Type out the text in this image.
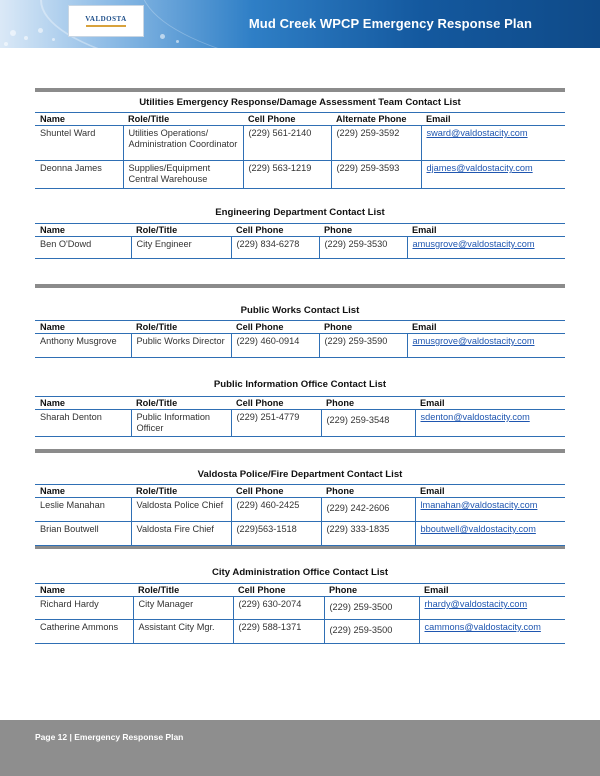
VALDOSTA	Mud Creek WPCP Emergency Response Plan
Utilities Emergency Response/Damage Assessment Team Contact List
Name	Role/Title	Cell Phone	Alternate Phone	Email
Shuntel Ward	Utilities Operations/ Administration Coordinator	(229) 561-2140	(229) 259-3592	sward@valdostacity.com
Deonna James	Supplies/Equipment Central Warehouse	(229) 563-1219	(229) 259-3593	djames@valdostacity.com
Engineering Department Contact List
Name	Role/Title	Cell Phone	Phone	Email
Ben O'Dowd	City Engineer	(229) 834-6278	(229) 259-3530	amusgrove@valdostacity.com
Public Works Contact List
Name	Role/Title	Cell Phone	Phone	Email
Anthony Musgrove	Public Works Director	(229) 460-0914	(229) 259-3590	amusgrove@valdostacity.com
Public Information Office Contact List
Name	Role/Title	Cell Phone	Phone	Email
Sharah Denton	Public Information Officer	(229) 251-4779	(229) 259-3548	sdenton@valdostacity.com
Valdosta Police/Fire Department Contact List
Name	Role/Title	Cell Phone	Phone	Email
Leslie Manahan	Valdosta Police Chief	(229) 460-2425	(229) 242-2606	lmanahan@valdostacity.com
Brian Boutwell	Valdosta Fire Chief	(229)563-1518	(229) 333-1835	bboutwell@valdostacity.com
City Administration Office Contact List
Name	Role/Title	Cell Phone	Phone	Email
Richard Hardy	City Manager	(229) 630-2074	(229) 259-3500	rhardy@valdostacity.com
Catherine Ammons	Assistant City Mgr.	(229) 588-1371	(229) 259-3500	cammons@valdostacity.com
Page 12 | Emergency Response Plan
